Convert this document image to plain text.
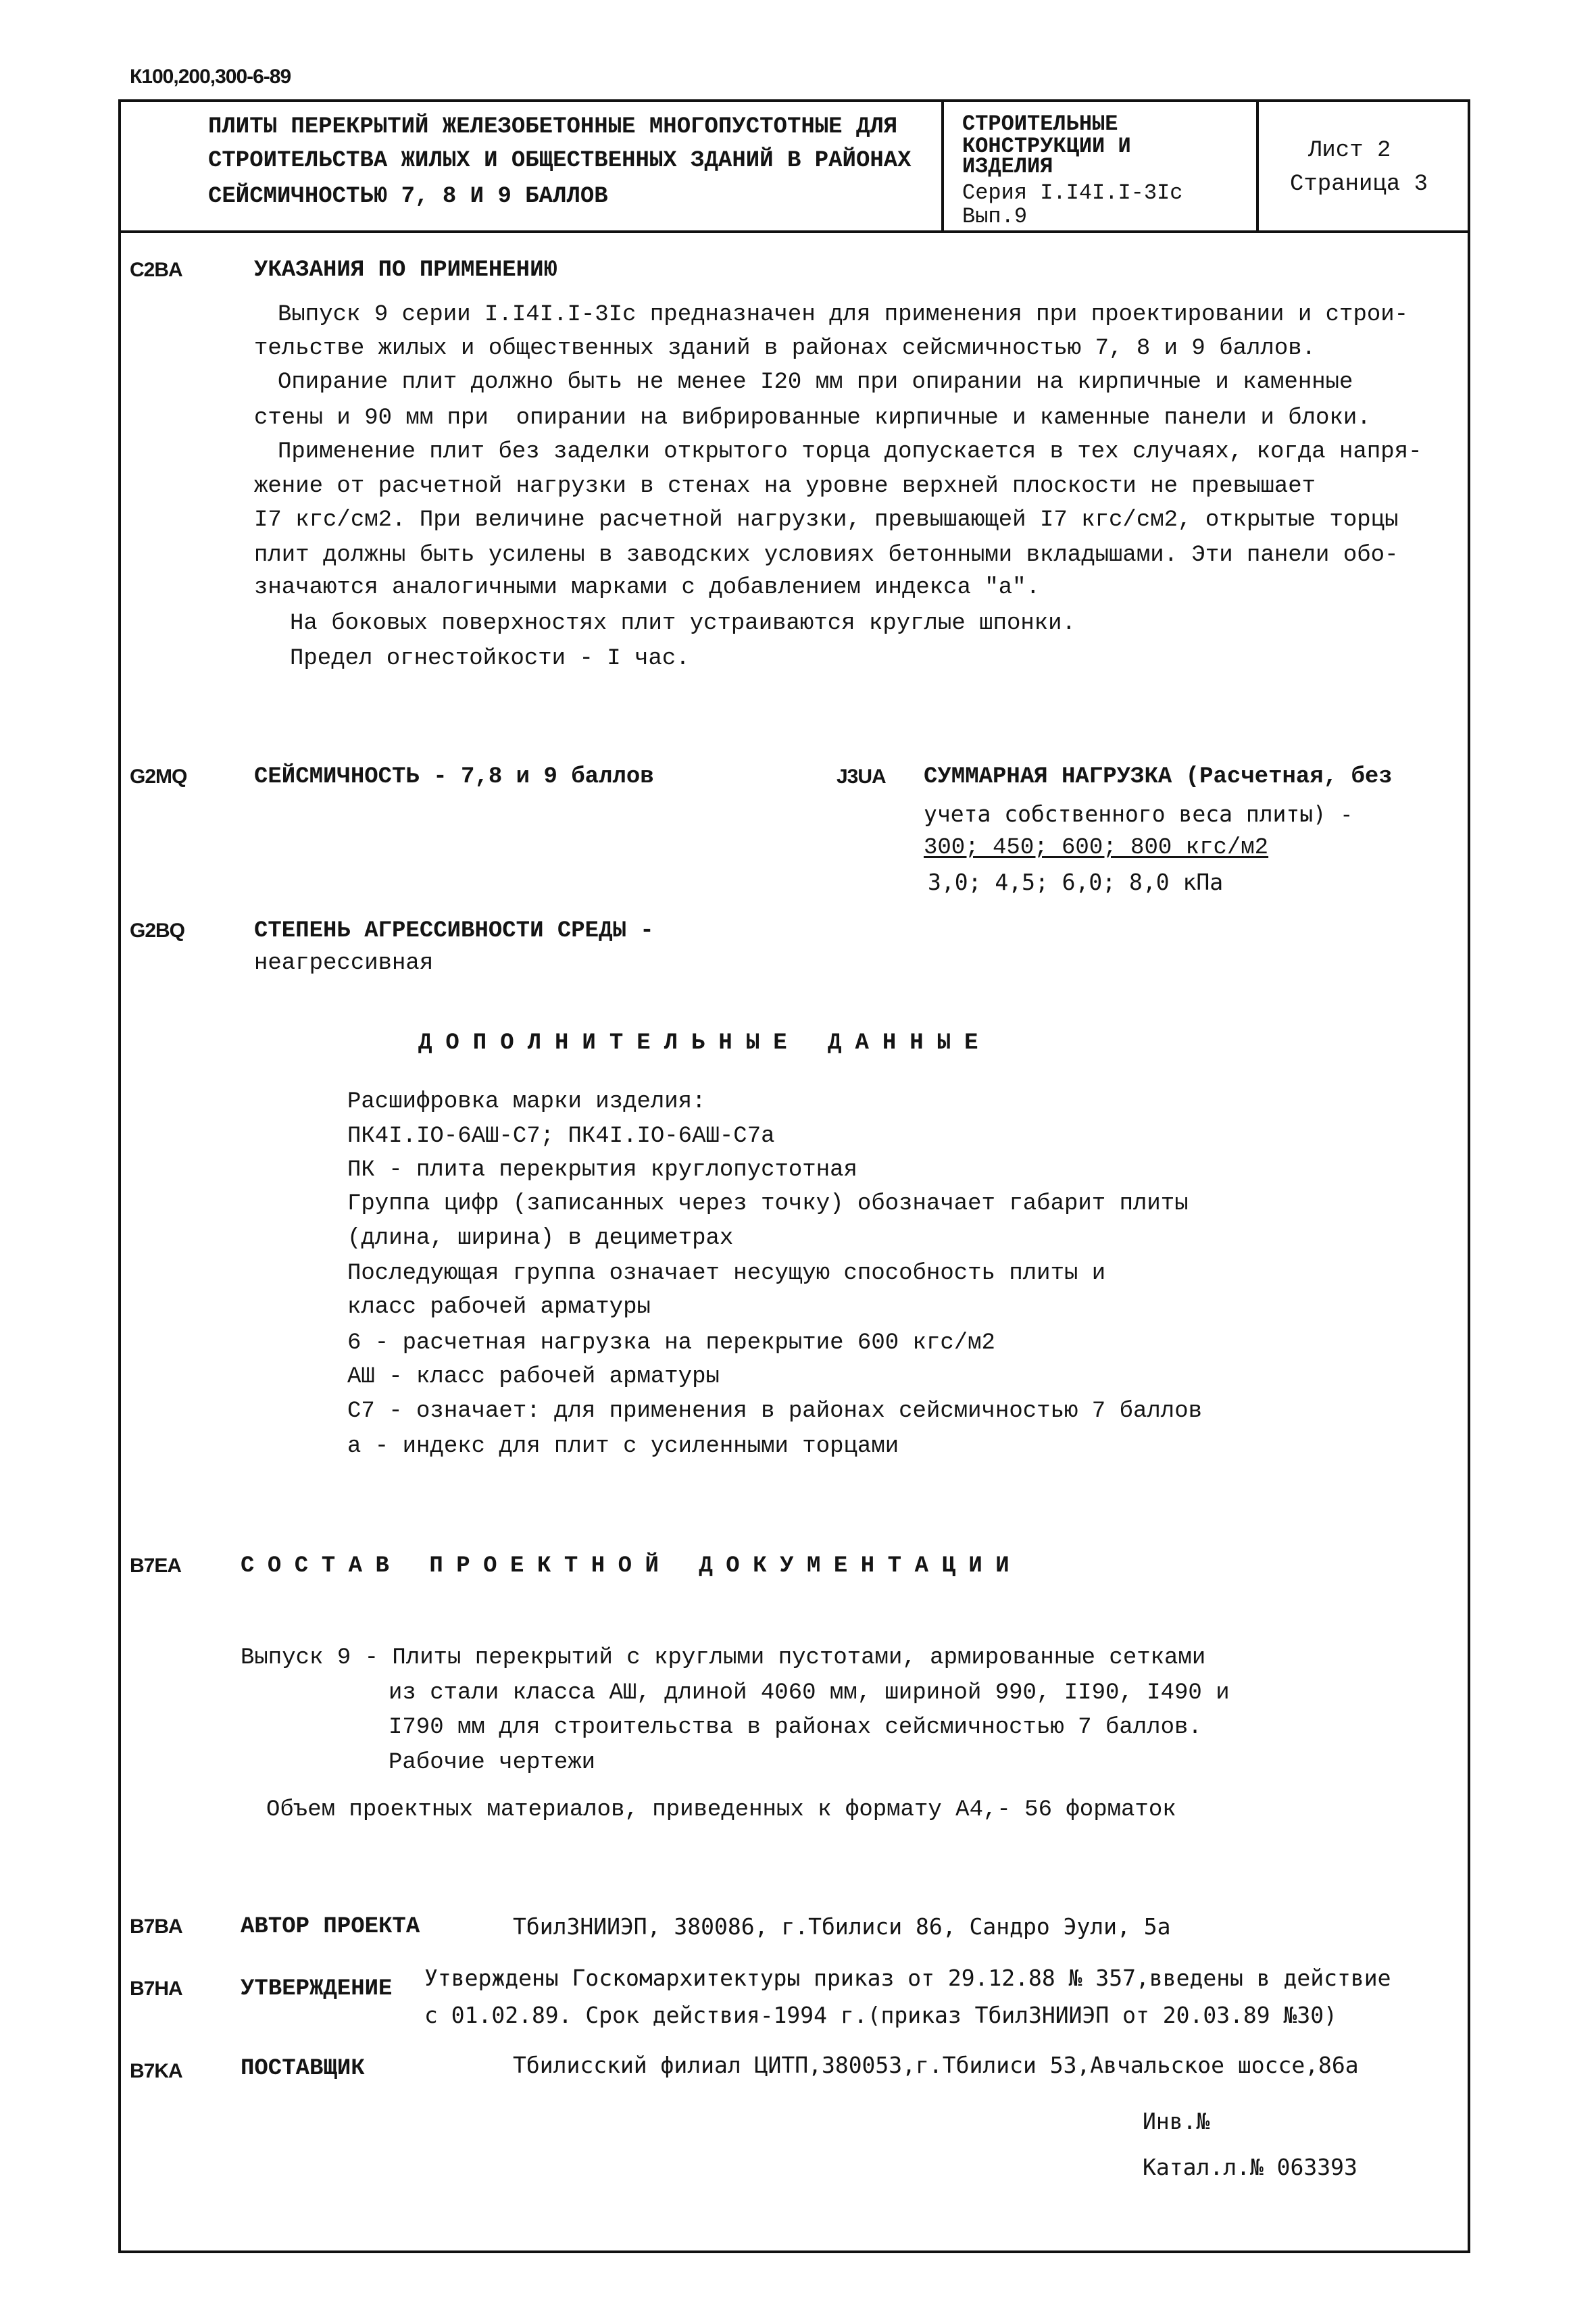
К100,200,300-6-89
ПЛИТЫ ПЕРЕКРЫТИЙ ЖЕЛЕЗОБЕТОННЫЕ МНОГОПУСТОТНЫЕ ДЛЯ
СТРОИТЕЛЬСТВА ЖИЛЫХ И ОБЩЕСТВЕННЫХ ЗДАНИЙ В РАЙОНАХ
СЕЙСМИЧНОСТЬЮ 7, 8 И 9 БАЛЛОВ
СТРОИТЕЛЬНЫЕ
КОНСТРУКЦИИ И
ИЗДЕЛИЯ
Серия I.I4I.I-3Ic
Вып.9
Лист 2
Страница 3
C2BA	УКАЗАНИЯ ПО ПРИМЕНЕНИЮ
Выпуск 9 серии I.I4I.I-3Ic предназначен для применения при проектировании и строи-
тельстве жилых и общественных зданий в районах сейсмичностью 7, 8 и 9 баллов.
Опирание плит должно быть не менее I20 мм при опирании на кирпичные и каменные
стены и 90 мм при  опирании на вибрированные кирпичные и каменные панели и блоки.
Применение плит без заделки открытого торца допускается в тех случаях, когда напря-
жение от расчетной нагрузки в стенах на уровне верхней плоскости не превышает
I7 кгс/см2. При величине расчетной нагрузки, превышающей I7 кгс/см2, открытые торцы
плит должны быть усилены в заводских условиях бетонными вкладышами. Эти панели обо-
значаются аналогичными марками с добавлением индекса "а".
На боковых поверхностях плит устраиваются круглые шпонки.
Предел огнестойкости - I час.
G2MQ	СЕЙСМИЧНОСТЬ - 7,8 и 9 баллов	J3UA СУММАРНАЯ НАГРУЗКА (Расчетная, без
учета собственного веса плиты) -
300; 450; 600; 800 кгс/м2
3,0; 4,5; 6,0; 8,0 кПа
G2BQ	СТЕПЕНЬ АГРЕССИВНОСТИ СРЕДЫ -
неагрессивная
ДОПОЛНИТЕЛЬНЫЕ ДАННЫЕ
Расшифровка марки изделия:
ПК4I.IO-6АШ-С7; ПК4I.IO-6АШ-С7а
ПК - плита перекрытия круглопустотная
Группа цифр (записанных через точку) обозначает габарит плиты
(длина, ширина) в дециметрах
Последующая группа означает несущую способность плиты и
класс рабочей арматуры
6 - расчетная нагрузка на перекрытие 600 кгс/м2
АШ - класс рабочей арматуры
С7 - означает: для применения в районах сейсмичностью 7 баллов
а - индекс для плит с усиленными торцами
B7EA	СОСТАВ ПРОЕКТНОЙ ДОКУМЕНТАЦИИ
Выпуск 9 - Плиты перекрытий с круглыми пустотами, армированные сетками
из стали класса АШ, длиной 4060 мм, шириной 990, II90, I490 и
I790 мм для строительства в районах сейсмичностью 7 баллов.
Рабочие чертежи
Объем проектных материалов, приведенных к формату А4,- 56 форматок
B7BA	АВТОР ПРОЕКТА	ТбилЗНИИЭП, 380086, г.Тбилиси 86, Сандро Эули, 5а
B7HA	УТВЕРЖДЕНИЕ Утверждены Госкомархитектуры приказ от 29.12.88 № 357,введены в действие
с 01.02.89. Срок действия-1994 г.(приказ ТбилЗНИИЭП от 20.03.89 №30)
B7KA	ПОСТАВЩИК	Тбилисский филиал ЦИТП,380053,г.Тбилиси 53,Авчальское шоссе,86а
Инв.№
Катал.л.№ 063393
